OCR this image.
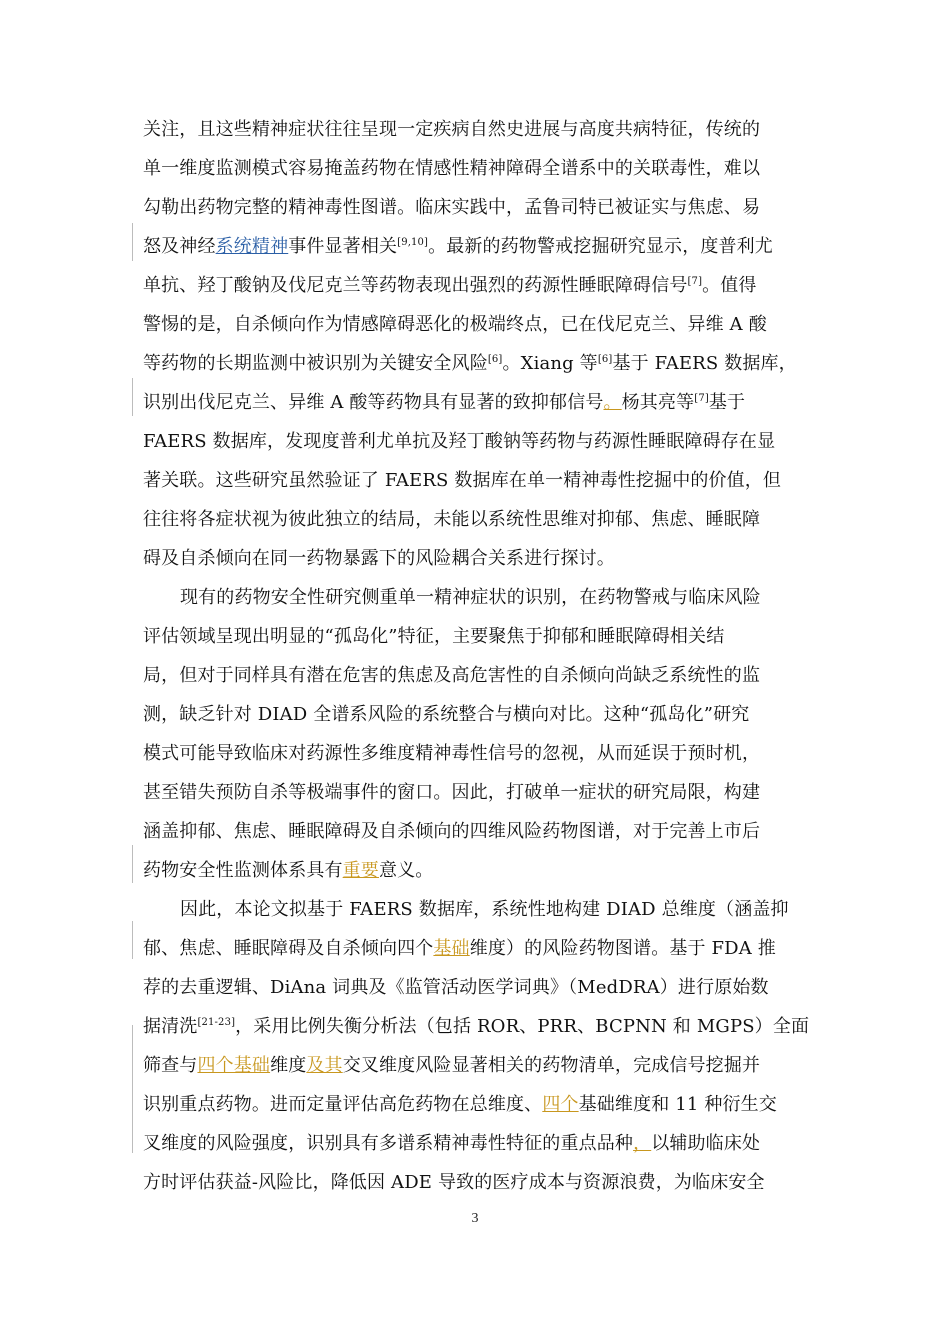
关注，且这些精神症状往往呈现一定疾病自然史进展与高度共病特征，传统的
单一维度监测模式容易掩盖药物在情感性精神障碍全谱系中的关联毒性，难以
勾勒出药物完整的精神毒性图谱。临床实践中，孟鲁司特已被证实与焦虑、易
怒及神经系统精神事件显著相关[9,10]。最新的药物警戒挖掘研究显示，度普利尤
单抗、羟丁酸钠及伐尼克兰等药物表现出强烈的药源性睡眠障碍信号[7]。值得
警惕的是，自杀倾向作为情感障碍恶化的极端终点，已在伐尼克兰、异维 A 酸
等药物的长期监测中被识别为关键安全风险[6]。Xiang 等[6]基于 FAERS 数据库，
识别出伐尼克兰、异维 A 酸等药物具有显著的致抑郁信号。杨其亮等[7]基于
FAERS 数据库，发现度普利尤单抗及羟丁酸钠等药物与药源性睡眠障碍存在显
著关联。这些研究虽然验证了 FAERS 数据库在单一精神毒性挖掘中的价值，但
往往将各症状视为彼此独立的结局，未能以系统性思维对抑郁、焦虑、睡眠障
碍及自杀倾向在同一药物暴露下的风险耦合关系进行探讨。
现有的药物安全性研究侧重单一精神症状的识别，在药物警戒与临床风险
评估领域呈现出明显的“孤岛化”特征，主要聚焦于抑郁和睡眠障碍相关结
局，但对于同样具有潜在危害的焦虑及高危害性的自杀倾向尚缺乏系统性的监
测，缺乏针对 DIAD 全谱系风险的系统整合与横向对比。这种“孤岛化”研究
模式可能导致临床对药源性多维度精神毒性信号的忽视，从而延误于预时机，
甚至错失预防自杀等极端事件的窗口。因此，打破单一症状的研究局限，构建
涵盖抑郁、焦虑、睡眠障碍及自杀倾向的四维风险药物图谱，对于完善上市后
药物安全性监测体系具有重要意义。
因此，本论文拟基于 FAERS 数据库，系统性地构建 DIAD 总维度（涵盖抑
郁、焦虑、睡眠障碍及自杀倾向四个基础维度）的风险药物图谱。基于 FDA 推
荐的去重逻辑、DiAna 词典及《监管活动医学词典》（MedDRA）进行原始数
据清洗[21-23]，采用比例失衡分析法（包括 ROR、PRR、BCPNN 和 MGPS）全面
筛查与四个基础维度及其交叉维度风险显著相关的药物清单，完成信号挖掘并
识别重点药物。进而定量评估高危药物在总维度、四个基础维度和 11 种衍生交
叉维度的风险强度，识别具有多谱系精神毒性特征的重点品种，以辅助临床处
方时评估获益-风险比，降低因 ADE 导致的医疗成本与资源浪费，为临床安全
3
